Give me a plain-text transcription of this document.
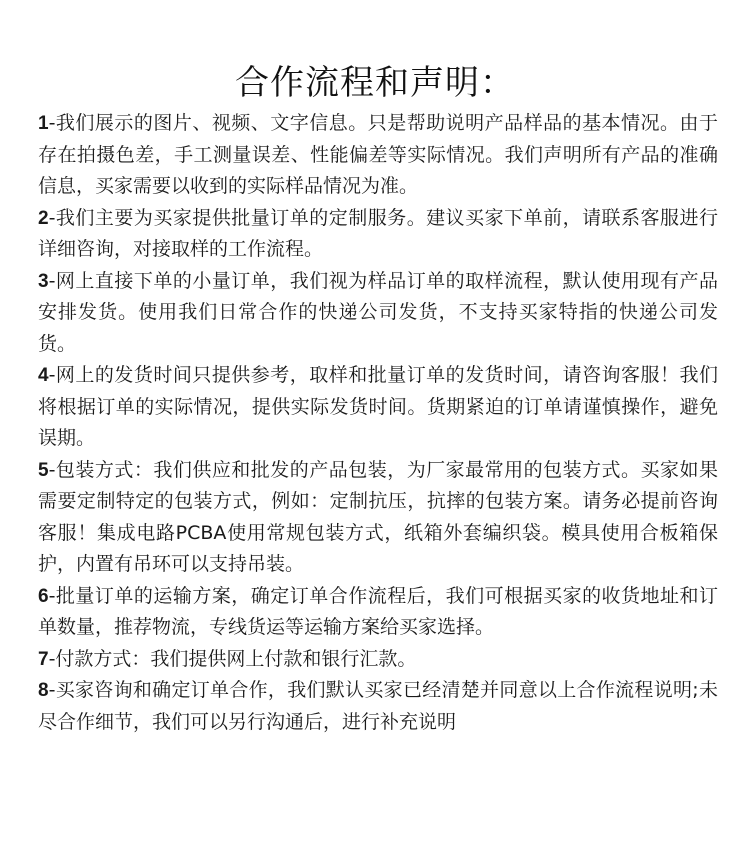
合作流程和声明：

1-我们展示的图片、视频、文字信息。只是帮助说明产品样品的基本情况。由于存在拍摄色差，手工测量误差、性能偏差等实际情况。我们声明所有产品的准确信息，买家需要以收到的实际样品情况为准。

2-我们主要为买家提供批量订单的定制服务。建议买家下单前，请联系客服进行详细咨询，对接取样的工作流程。

3-网上直接下单的小量订单，我们视为样品订单的取样流程，默认使用现有产品安排发货。使用我们日常合作的快递公司发货，不支持买家特指的快递公司发货。

4-网上的发货时间只提供参考，取样和批量订单的发货时间，请咨询客服！我们将根据订单的实际情况，提供实际发货时间。货期紧迫的订单请谨慎操作，避免误期。

5-包装方式：我们供应和批发的产品包装，为厂家最常用的包装方式。买家如果需要定制特定的包装方式，例如：定制抗压，抗摔的包装方案。请务必提前咨询客服！集成电路PCBA使用常规包装方式，纸箱外套编织袋。模具使用合板箱保护，内置有吊环可以支持吊装。

6-批量订单的运输方案，确定订单合作流程后，我们可根据买家的收货地址和订单数量，推荐物流，专线货运等运输方案给买家选择。

7-付款方式：我们提供网上付款和银行汇款。

8-买家咨询和确定订单合作，我们默认买家已经清楚并同意以上合作流程说明;未尽合作细节，我们可以另行沟通后，进行补充说明
